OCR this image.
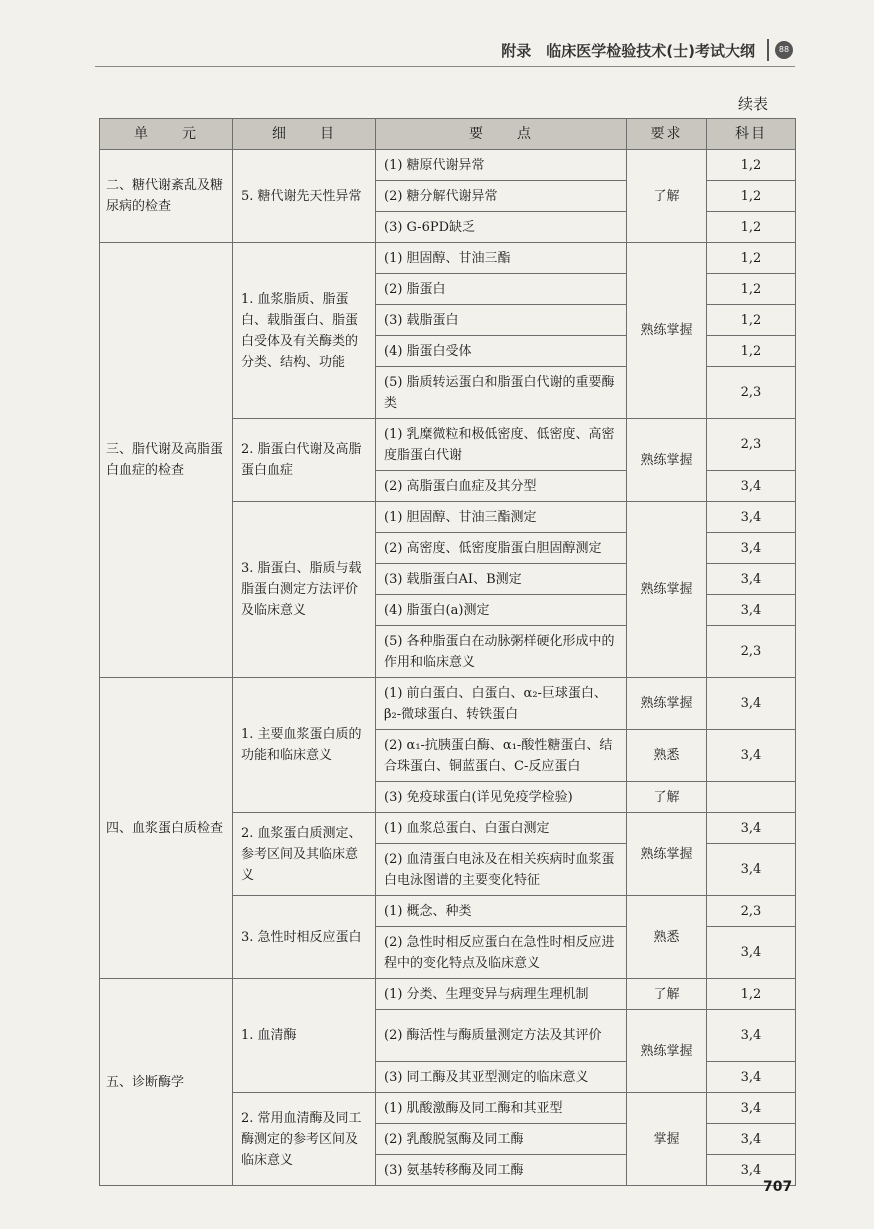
附录　临床医学检验技术(士)考试大纲	88
续表
单　　元	细　　目	要　　点	要求	科目
二、糖代谢紊乱及糖尿病的检查	5. 糖代谢先天性异常	(1) 糖原代谢异常	了解	1,2
		(2) 糖分解代谢异常		1,2
		(3) G-6PD缺乏		1,2
三、脂代谢及高脂蛋白血症的检查	1. 血浆脂质、脂蛋白、载脂蛋白、脂蛋白受体及有关酶类的分类、结构、功能	(1) 胆固醇、甘油三酯	熟练掌握	1,2
		(2) 脂蛋白		1,2
		(3) 载脂蛋白		1,2
		(4) 脂蛋白受体		1,2
		(5) 脂质转运蛋白和脂蛋白代谢的重要酶类		2,3
	2. 脂蛋白代谢及高脂蛋白血症	(1) 乳糜微粒和极低密度、低密度、高密度脂蛋白代谢	熟练掌握	2,3
		(2) 高脂蛋白血症及其分型		3,4
	3. 脂蛋白、脂质与载脂蛋白测定方法评价及临床意义	(1) 胆固醇、甘油三酯测定	熟练掌握	3,4
		(2) 高密度、低密度脂蛋白胆固醇测定		3,4
		(3) 载脂蛋白AⅠ、B测定		3,4
		(4) 脂蛋白(a)测定		3,4
		(5) 各种脂蛋白在动脉粥样硬化形成中的作用和临床意义		2,3
四、血浆蛋白质检查	1. 主要血浆蛋白质的功能和临床意义	(1) 前白蛋白、白蛋白、α₂-巨球蛋白、β₂-微球蛋白、转铁蛋白	熟练掌握	3,4
		(2) α₁-抗胰蛋白酶、α₁-酸性糖蛋白、结合珠蛋白、铜蓝蛋白、C-反应蛋白	熟悉	3,4
		(3) 免疫球蛋白(详见免疫学检验)	了解	
	2. 血浆蛋白质测定、参考区间及其临床意义	(1) 血浆总蛋白、白蛋白测定	熟练掌握	3,4
		(2) 血清蛋白电泳及在相关疾病时血浆蛋白电泳图谱的主要变化特征		3,4
	3. 急性时相反应蛋白	(1) 概念、种类	熟悉	2,3
		(2) 急性时相反应蛋白在急性时相反应进程中的变化特点及临床意义		3,4
五、诊断酶学	1. 血清酶	(1) 分类、生理变异与病理生理机制	了解	1,2
		(2) 酶活性与酶质量测定方法及其评价	熟练掌握	3,4
		(3) 同工酶及其亚型测定的临床意义		3,4
	2. 常用血清酶及同工酶测定的参考区间及临床意义	(1) 肌酸激酶及同工酶和其亚型	掌握	3,4
		(2) 乳酸脱氢酶及同工酶		3,4
		(3) 氨基转移酶及同工酶		3,4
707
